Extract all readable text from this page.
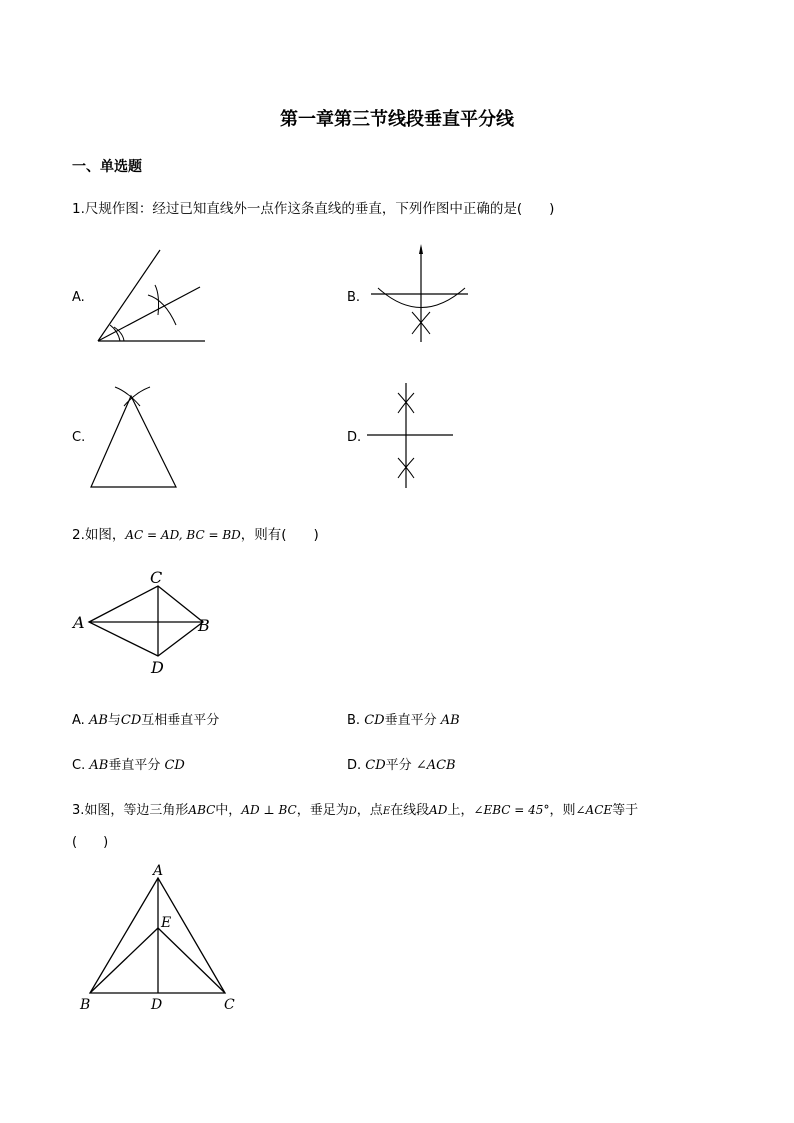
第一章第三节线段垂直平分线
一、单选题
1.尺规作图：经过已知直线外一点作这条直线的垂直，下列作图中正确的是(　　)
A.	B.
C.	D.
2.如图，AC = AD, BC = BD，则有(　　)
C
A	B
D
A. AB与CD互相垂直平分	B. CD垂直平分 AB
C. AB垂直平分 CD	D. CD平分 ∠ACB
3.如图，等边三角形ABC中，AD ⊥ BC，垂足为D，点E在线段AD上，∠EBC = 45°，则∠ACE等于
(　　)
A
E
B	D	C
